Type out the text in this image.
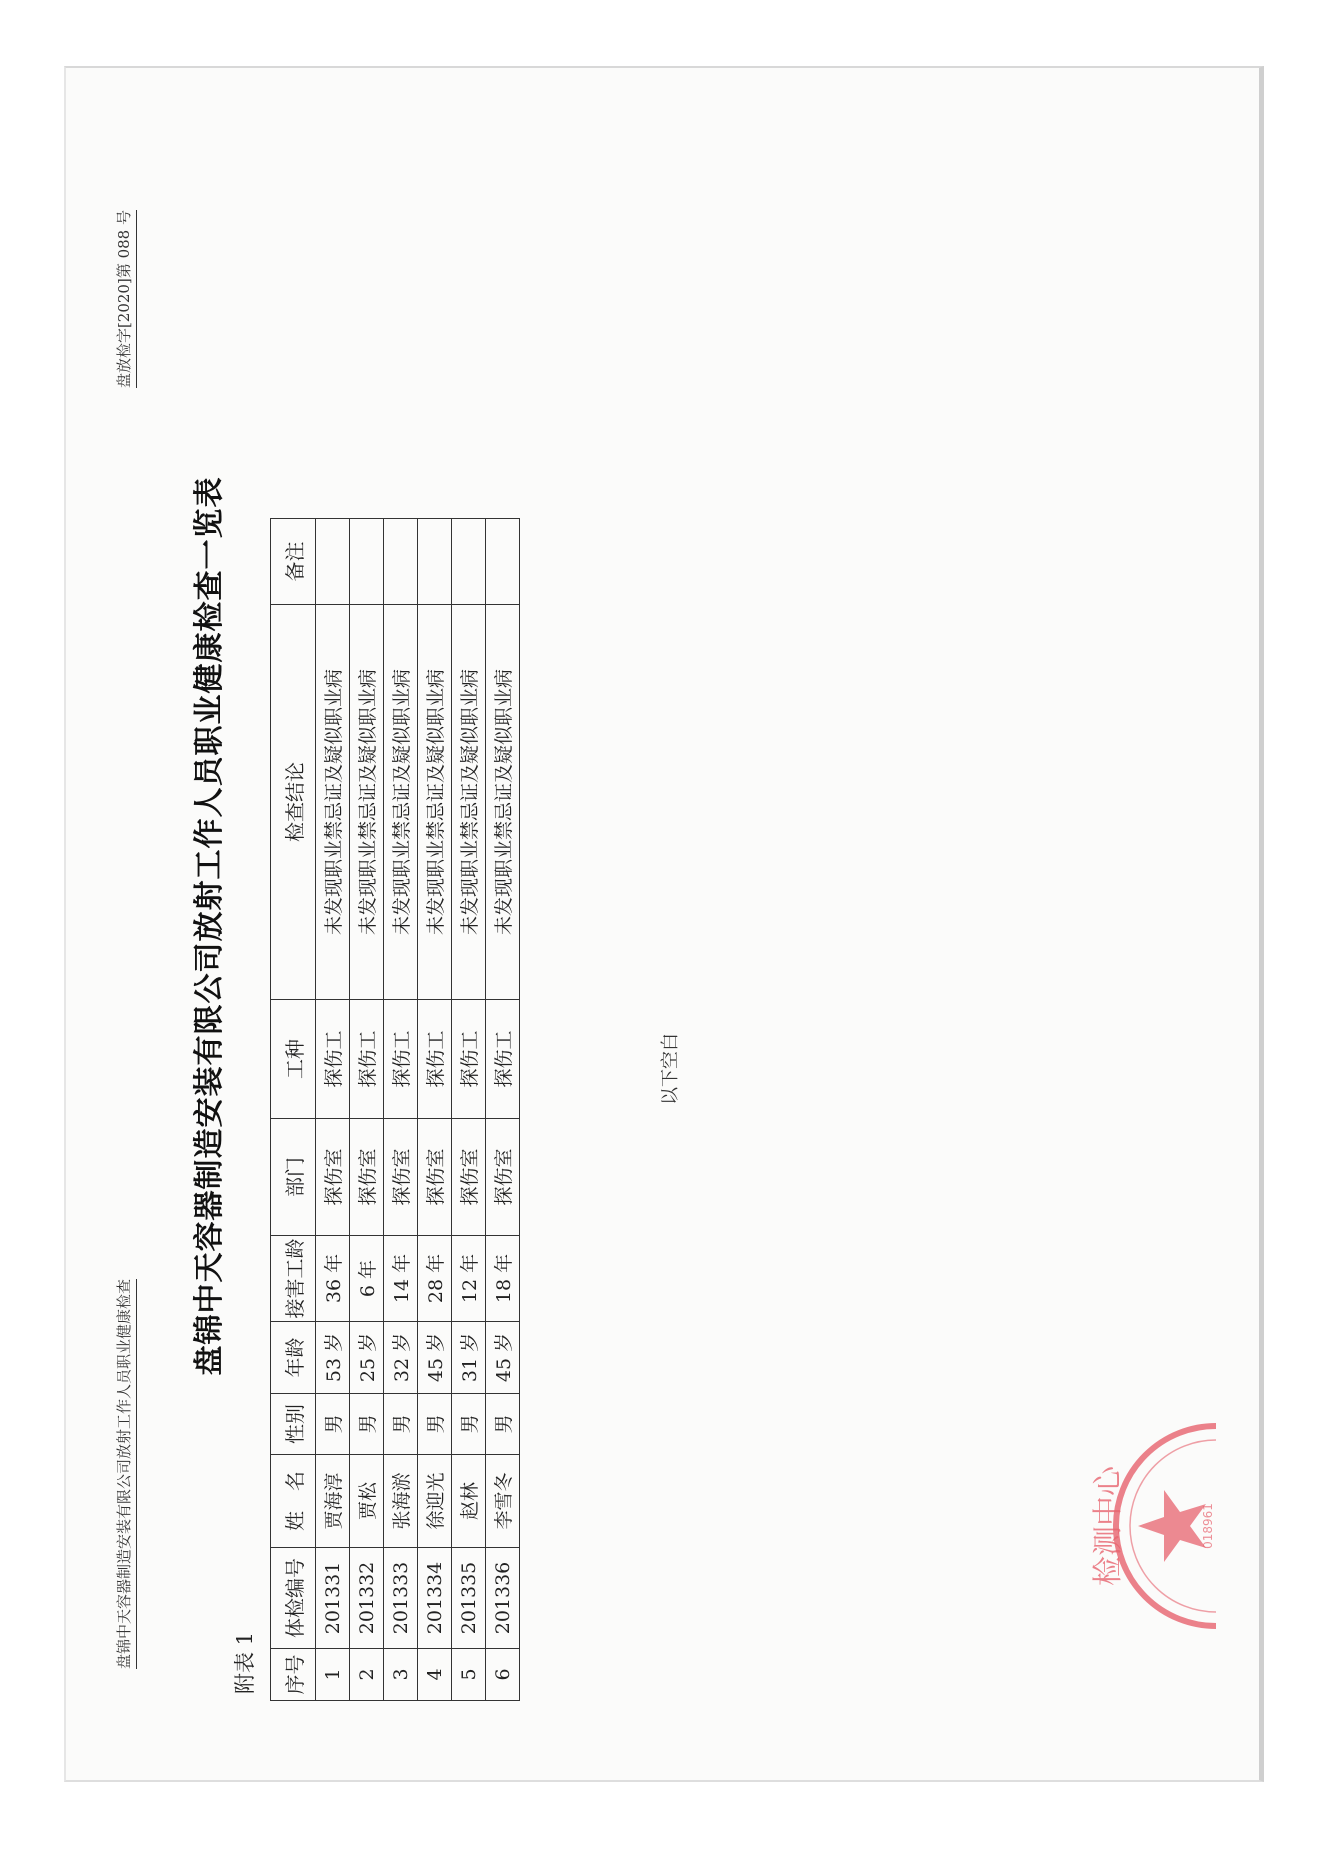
盘锦中天容器制造安装有限公司放射工作人员职业健康检查
盘放检字[2020]第 088 号
盘锦中天容器制造安装有限公司放射工作人员职业健康检查一览表
附表 1 序号	体检编号	姓　名	性别	年龄	接害工龄	部门	工种	检查结论	备注
1	201331	贾海淳	男	53 岁	36 年	探伤室	探伤工	未发现职业禁忌证及疑似职业病	
2	201332	贾松	男	25 岁	6 年	探伤室	探伤工	未发现职业禁忌证及疑似职业病	
3	201333	张海淤	男	32 岁	14 年	探伤室	探伤工	未发现职业禁忌证及疑似职业病	
4	201334	徐迎光	男	45 岁	28 年	探伤室	探伤工	未发现职业禁忌证及疑似职业病	
5	201335	赵林	男	31 岁	12 年	探伤室	探伤工	未发现职业禁忌证及疑似职业病	
6	201336	李雪冬	男	45 岁	18 年	探伤室	探伤工	未发现职业禁忌证及疑似职业病	
以下空白
检测中心	018961
